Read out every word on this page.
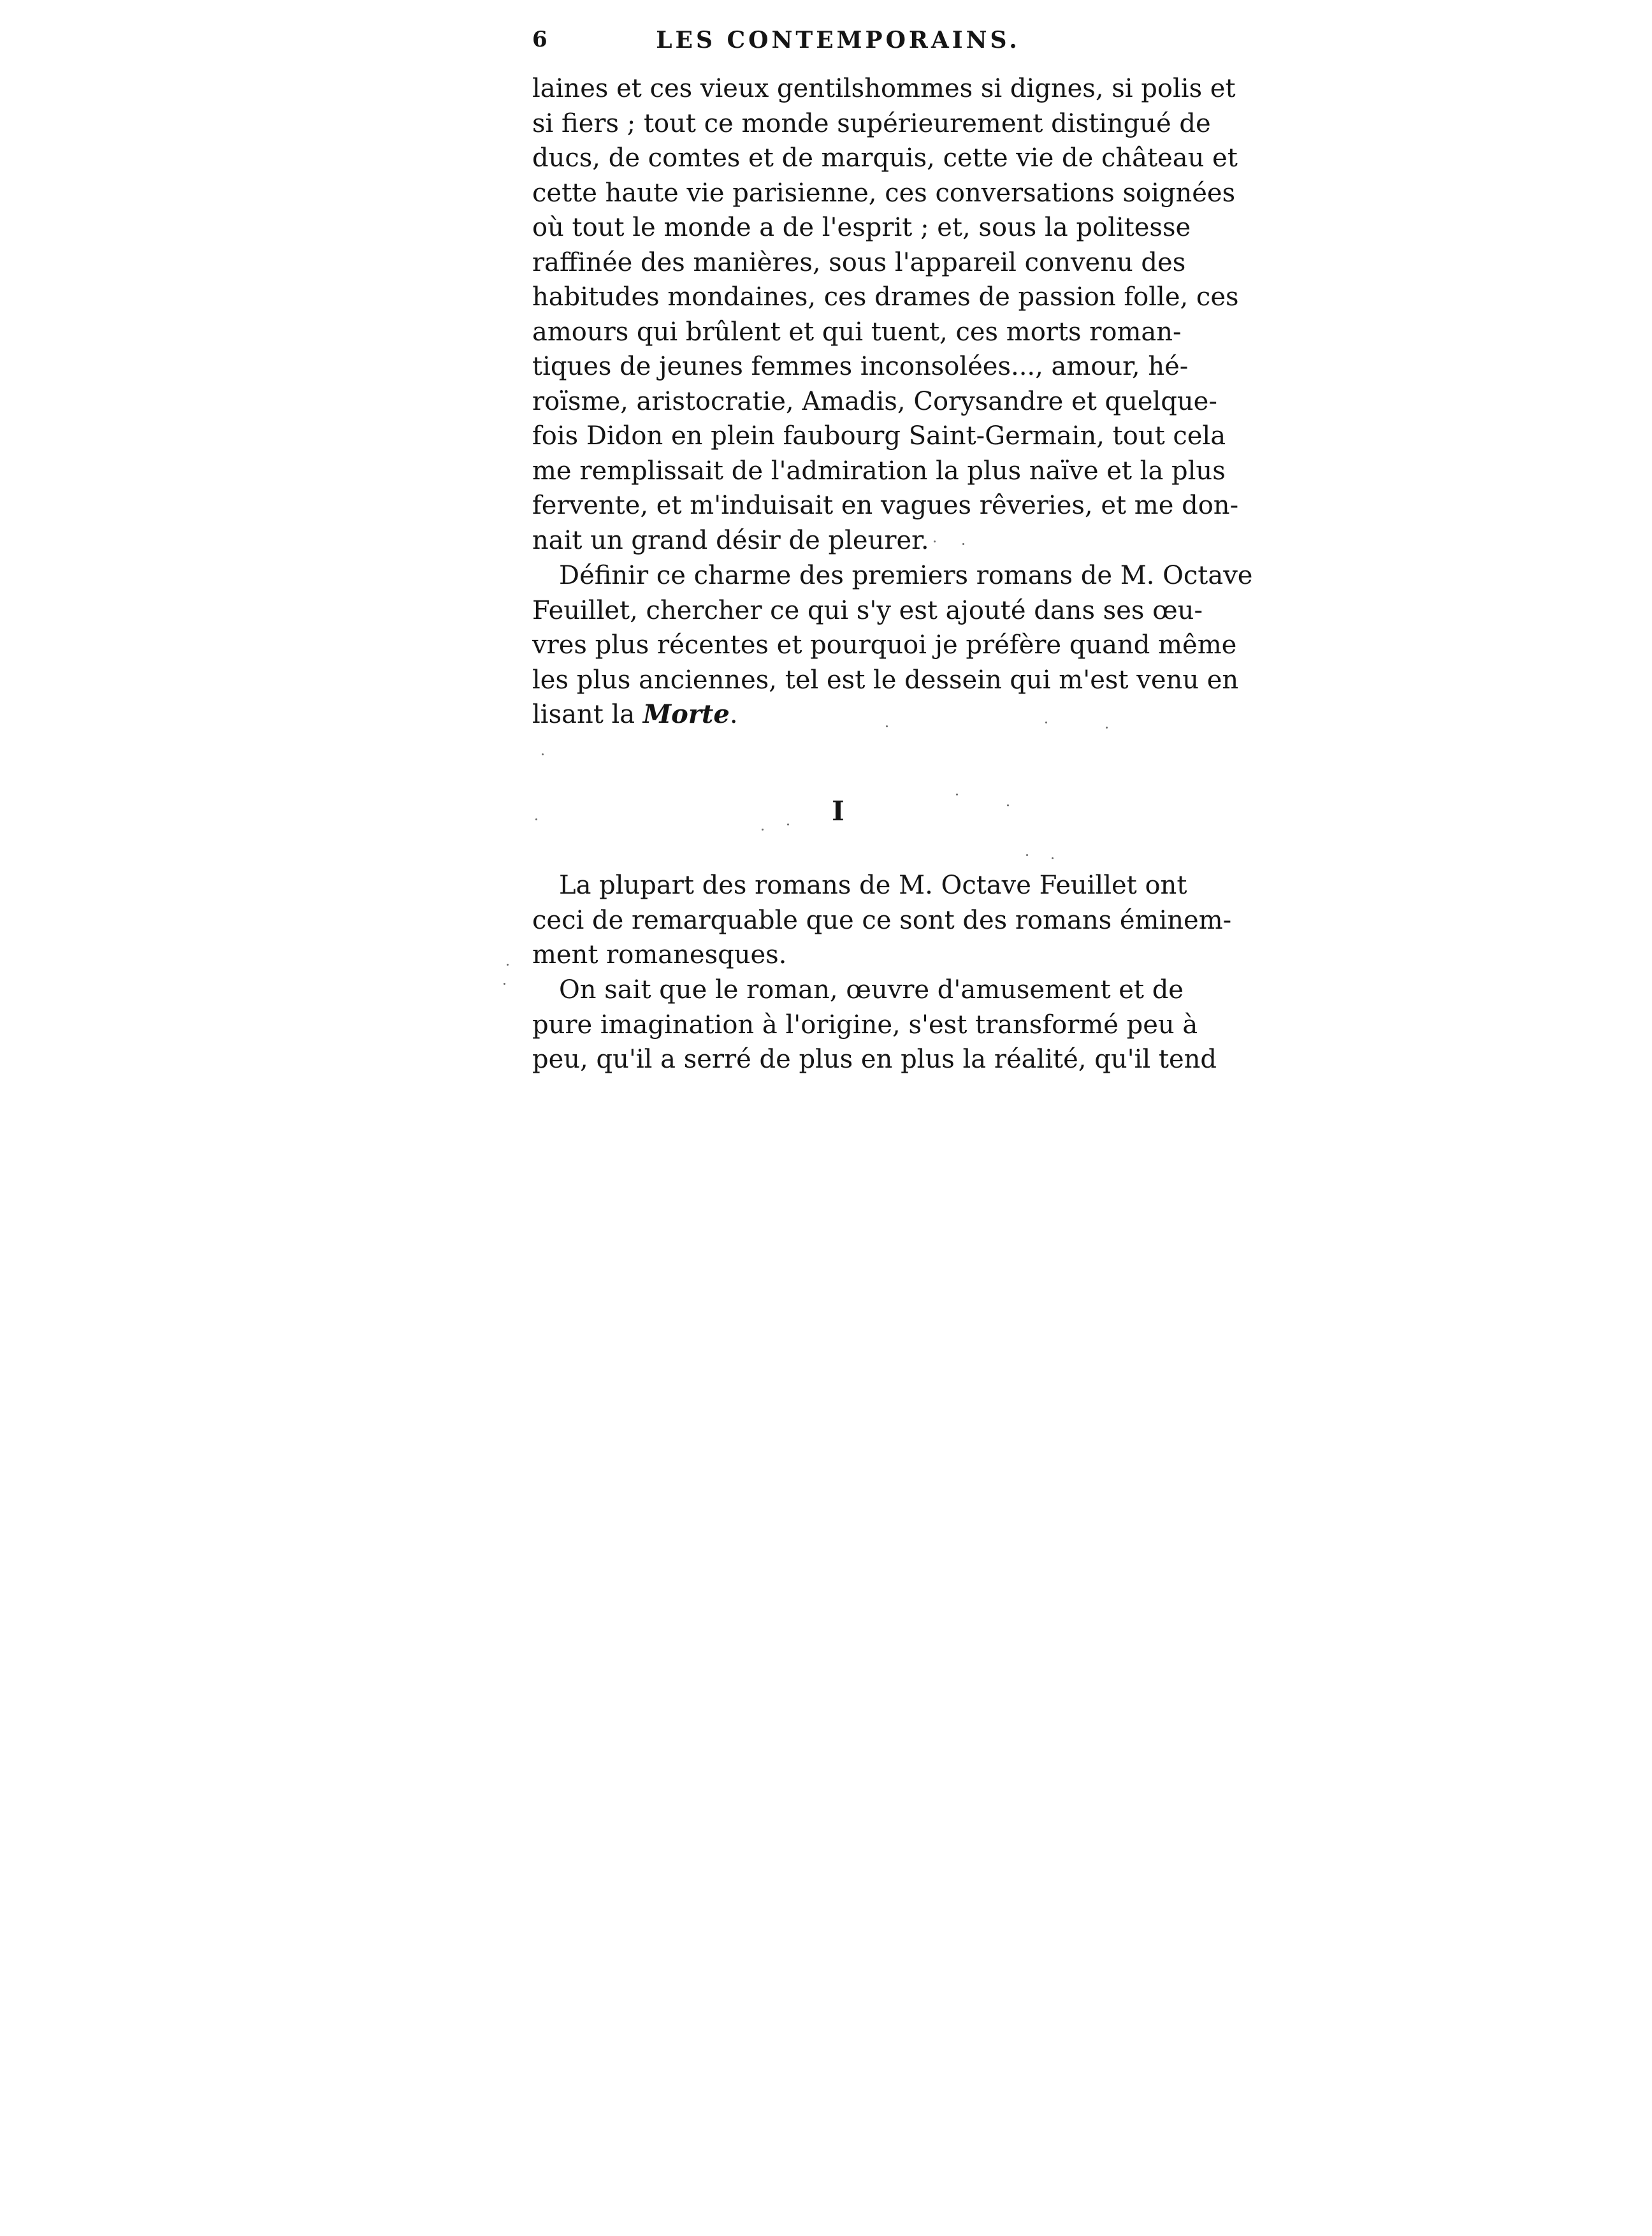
6	LES CONTEMPORAINS.
laines et ces vieux gentilshommes si dignes, si polis et
si fiers ; tout ce monde supérieurement distingué de
ducs, de comtes et de marquis, cette vie de château et
cette haute vie parisienne, ces conversations soignées
où tout le monde a de l'esprit ; et, sous la politesse
raffinée des manières, sous l'appareil convenu des
habitudes mondaines, ces drames de passion folle, ces
amours qui brûlent et qui tuent, ces morts roman-
tiques de jeunes femmes inconsolées..., amour, hé-
roïsme, aristocratie, Amadis, Corysandre et quelque-
fois Didon en plein faubourg Saint-Germain, tout cela
me remplissait de l'admiration la plus naïve et la plus
fervente, et m'induisait en vagues rêveries, et me don-
nait un grand désir de pleurer.
Définir ce charme des premiers romans de M. Octave
Feuillet, chercher ce qui s'y est ajouté dans ses œu-
vres plus récentes et pourquoi je préfère quand même
les plus anciennes, tel est le dessein qui m'est venu en
lisant la Morte.
I
La plupart des romans de M. Octave Feuillet ont
ceci de remarquable que ce sont des romans éminem-
ment romanesques.
On sait que le roman, œuvre d'amusement et de
pure imagination à l'origine, s'est transformé peu à
peu, qu'il a serré de plus en plus la réalité, qu'il tend
